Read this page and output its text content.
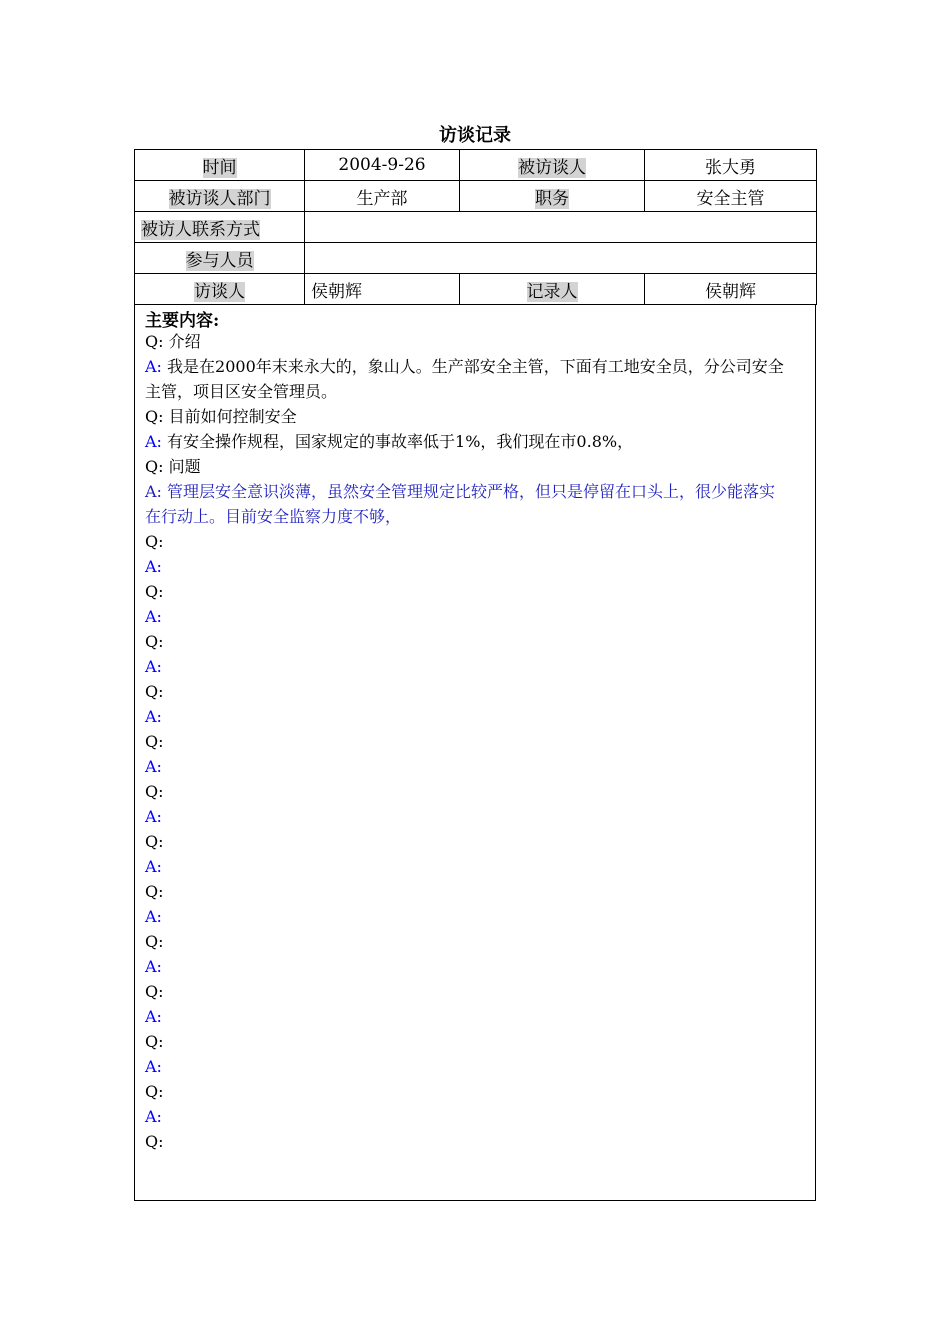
访谈记录
时间	2004-9-26	被访谈人	张大勇
被访谈人部门	生产部	职务	安全主管
被访人联系方式			
参与人员			
访谈人	侯朝辉	记录人	侯朝辉
主要内容:
Q: 介绍
A: 我是在2000年末来永大的，象山人。生产部安全主管，下面有工地安全员，分公司安全
主管，项目区安全管理员。
Q: 目前如何控制安全
A: 有安全操作规程，国家规定的事故率低于1%，我们现在市0.8%，
Q: 问题
A: 管理层安全意识淡薄，虽然安全管理规定比较严格，但只是停留在口头上，很少能落实
在行动上。目前安全监察力度不够，
Q:
A:
Q:
A:
Q:
A:
Q:
A:
Q:
A:
Q:
A:
Q:
A:
Q:
A:
Q:
A:
Q:
A:
Q:
A:
Q:
A:
Q:
